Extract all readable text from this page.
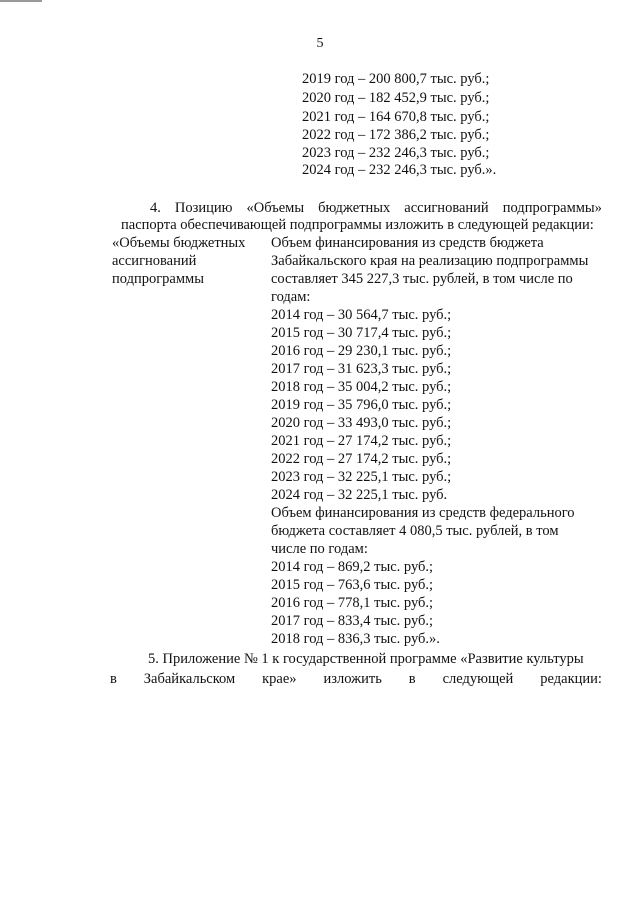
5
2019 год – 200 800,7 тыс. руб.;
2020 год – 182 452,9 тыс. руб.;
2021 год – 164 670,8 тыс. руб.;
2022 год – 172 386,2 тыс. руб.;
2023 год – 232 246,3 тыс. руб.;
2024 год – 232 246,3 тыс. руб.».
4. Позицию «Объемы бюджетных ассигнований подпрограммы»
паспорта обеспечивающей подпрограммы изложить в следующей редакции:
«Объемы бюджетных
ассигнований
подпрограммы
Объем финансирования из средств бюджета
Забайкальского края на реализацию подпрограммы
составляет 345 227,3 тыс. рублей, в том числе по
годам:
2014 год – 30 564,7 тыс. руб.;
2015 год – 30 717,4 тыс. руб.;
2016 год – 29 230,1 тыс. руб.;
2017 год – 31 623,3 тыс. руб.;
2018 год – 35 004,2 тыс. руб.;
2019 год – 35 796,0 тыс. руб.;
2020 год – 33 493,0 тыс. руб.;
2021 год – 27 174,2 тыс. руб.;
2022 год – 27 174,2 тыс. руб.;
2023 год – 32 225,1 тыс. руб.;
2024 год – 32 225,1 тыс. руб.
Объем финансирования из средств федерального
бюджета составляет 4 080,5 тыс. рублей, в том
числе по годам:
2014 год – 869,2 тыс. руб.;
2015 год – 763,6 тыс. руб.;
2016 год – 778,1 тыс. руб.;
2017 год – 833,4 тыс. руб.;
2018 год – 836,3 тыс. руб.».
5. Приложение № 1 к государственной программе «Развитие культуры
в Забайкальском крае» изложить в следующей редакции:
